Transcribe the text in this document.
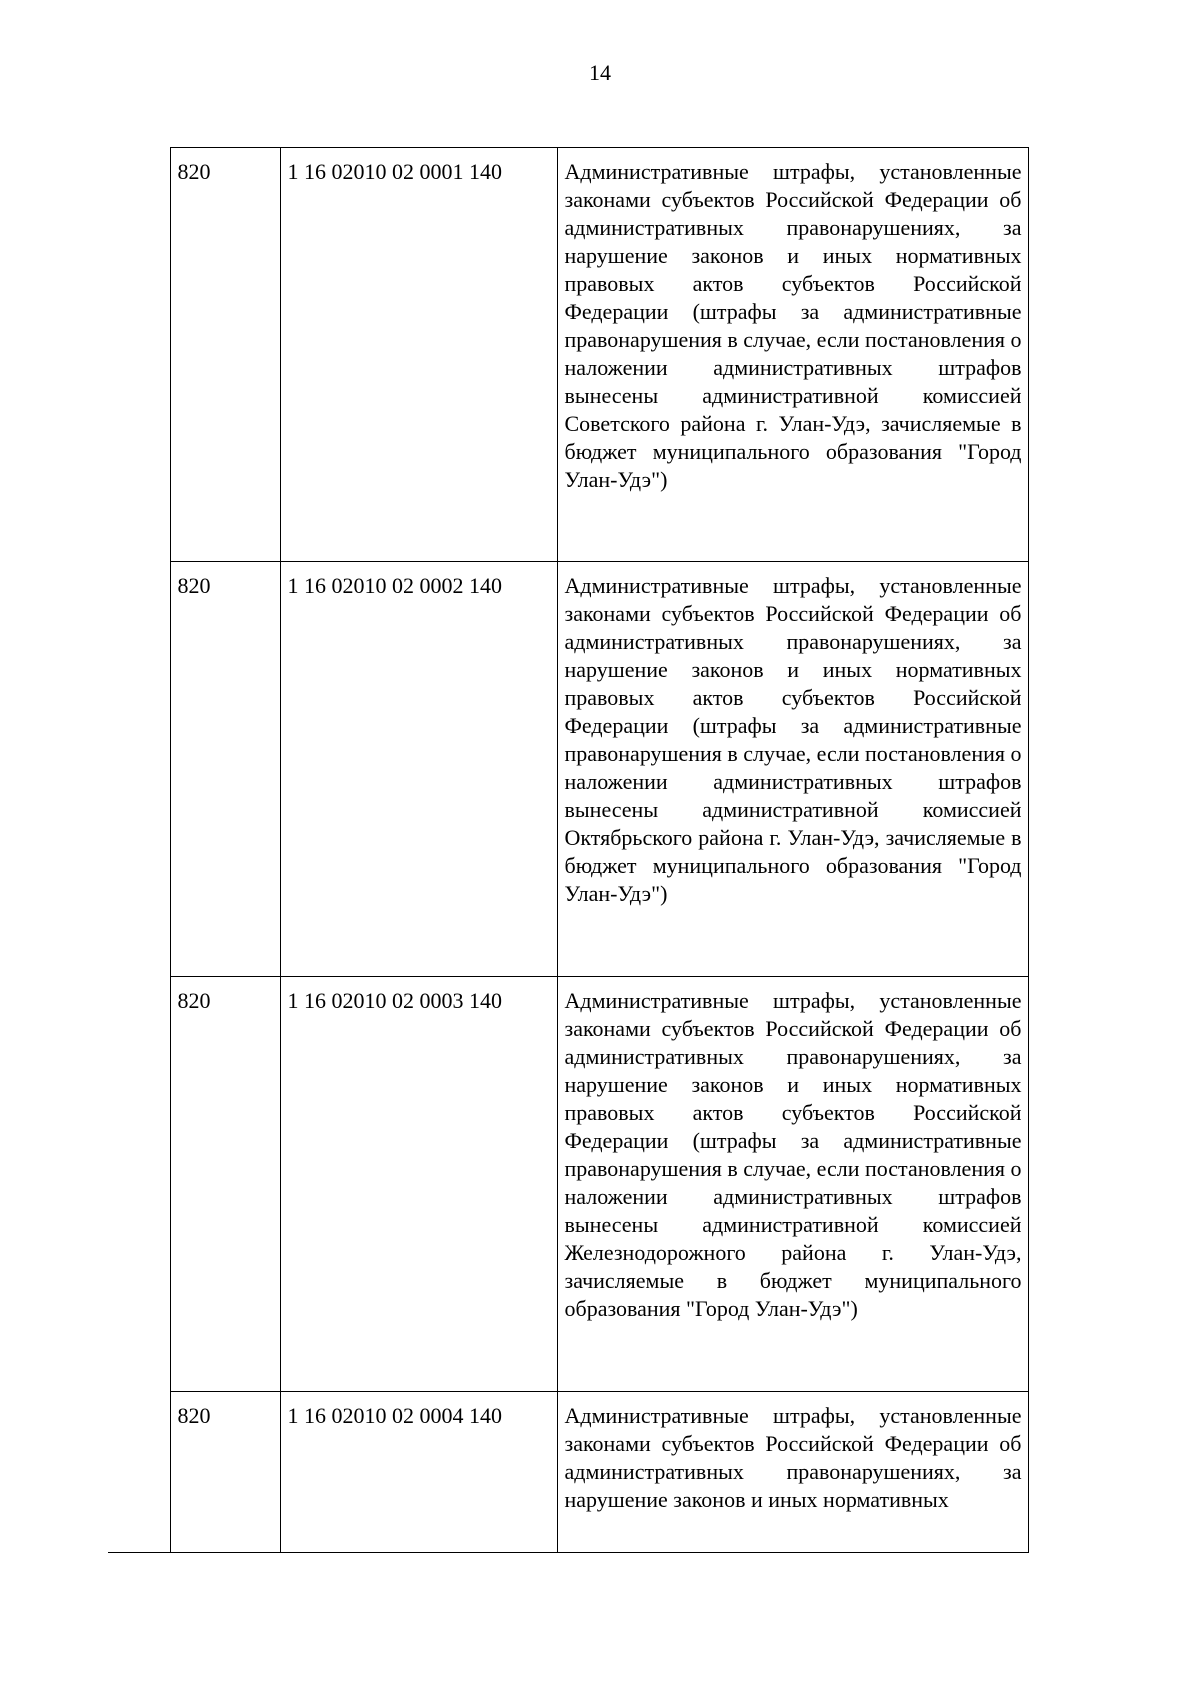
14
	820	1 16 02010 02 0001 140	Административные штрафы, установленные законами субъектов Российской Федерации об административных правонарушениях, за нарушение законов и иных нормативных правовых актов субъектов Российской Федерации (штрафы за административные правонарушения в случае, если постановления о наложении административных штрафов вынесены административной комиссией Советского района г. Улан-Удэ, зачисляемые в бюджет муниципального образования "Город Улан-Удэ")
	820	1 16 02010 02 0002 140	Административные штрафы, установленные законами субъектов Российской Федерации об административных правонарушениях, за нарушение законов и иных нормативных правовых актов субъектов Российской Федерации (штрафы за административные правонарушения в случае, если постановления о наложении административных штрафов вынесены административной комиссией Октябрьского района г. Улан-Удэ, зачисляемые в бюджет муниципального образования "Город Улан-Удэ")
	820	1 16 02010 02 0003 140	Административные штрафы, установленные законами субъектов Российской Федерации об административных правонарушениях, за нарушение законов и иных нормативных правовых актов субъектов Российской Федерации (штрафы за административные правонарушения в случае, если постановления о наложении административных штрафов вынесены административной комиссией Железнодорожного района г. Улан-Удэ, зачисляемые в бюджет муниципального образования "Город Улан-Удэ")
	820	1 16 02010 02 0004 140	Административные штрафы, установленные законами субъектов Российской Федерации об административных правонарушениях, за нарушение законов и иных нормативных
